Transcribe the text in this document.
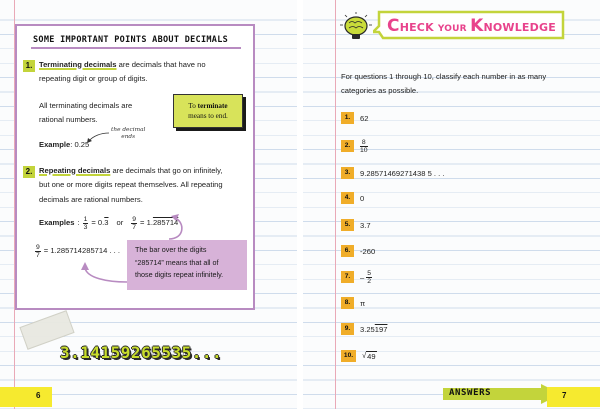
SOME IMPORTANT POINTS ABOUT DECIMALS
1. Terminating decimals are decimals that have no
repeating digit or group of digits.
All terminating decimals are
rational numbers.
To terminate
means to end.
the decimal
ends
Example: 0.25
2. Repeating decimals are decimals that go on infinitely,
but one or more digits repeat themselves. All repeating
decimals are rational numbers.
Examples : $\frac{1}{3} = 0$. 3 or $\frac{9}{7} = 1$. 285714
$\frac{9}{7} = 1.285714285714$ . . . The bar over the digits
“285714” means that all of
those digits repeat infinitely.
3.14159265535...
6
CHECK YOUR KNOWLEDGE
For questions 1 through 10, classify each number in as many categories as possible.
1.	62
2.	$\frac{8}{10}$
3.	9.28571469271438 5 . . .
4.	0
5.	3.7
6.	-260
7.	– $\frac{5}{2}$
8.	π
9.	3.25 197
10.	√ 49
7
ANSWERS
